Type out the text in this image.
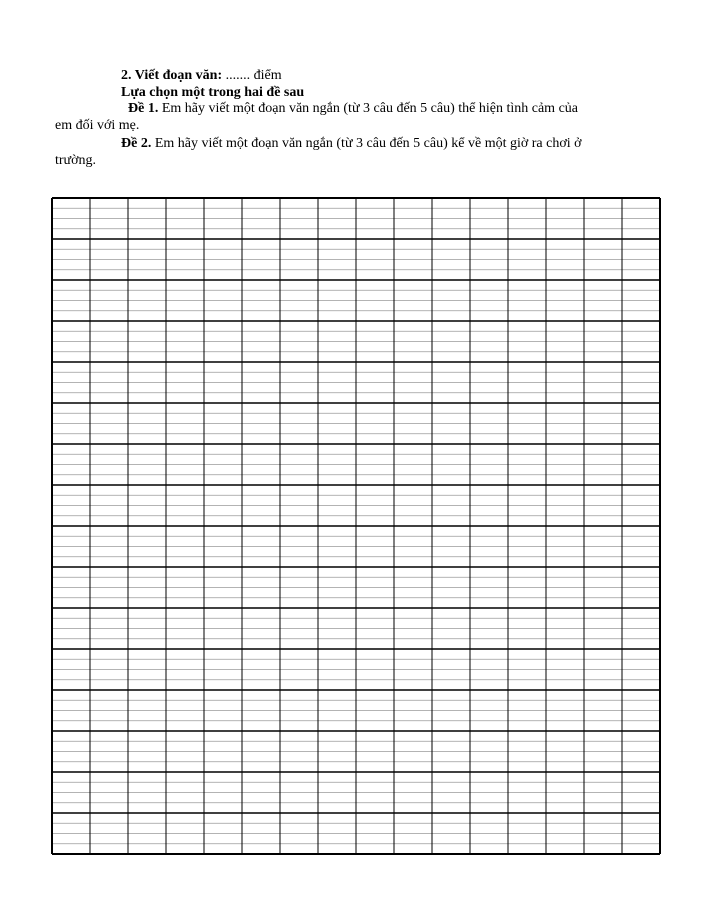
2. Viết đoạn văn: ....... điểm
Lựa chọn một trong hai đề sau
Đề 1. Em hãy viết một đoạn văn ngắn (từ 3 câu đến 5 câu) thể hiện tình cảm của
em đối với mẹ.
Đề 2. Em hãy viết một đoạn văn ngắn (từ 3 câu đến 5 câu) kể về một giờ ra chơi ở
trường.
